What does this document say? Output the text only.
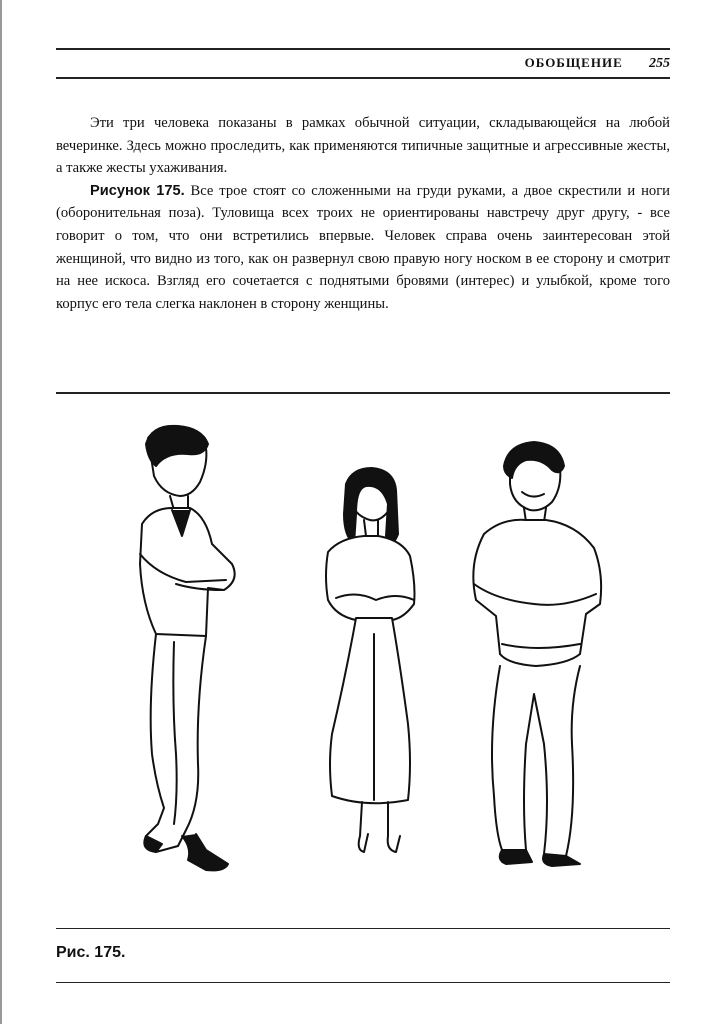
ОБОБЩЕНИЕ 255

Эти три человека показаны в рамках обычной ситуации, складывающейся на любой вечеринке. Здесь можно проследить, как применяются типичные защитные и агрессивные жесты, а также жесты ухаживания.

Рисунок 175. Все трое стоят со сложенными на груди руками, а двое скрестили и ноги (оборонительная поза). Туловища всех троих не ориентированы навстречу друг другу, - все говорит о том, что они встретились впервые. Человек справа очень заинтересован этой женщиной, что видно из того, как он развернул свою правую ногу носком в ее сторону и смотрит на нее искоса. Взгляд его сочетается с поднятыми бровями (интерес) и улыбкой, кроме того корпус его тела слегка наклонен в сторону женщины.

Рис. 175.
